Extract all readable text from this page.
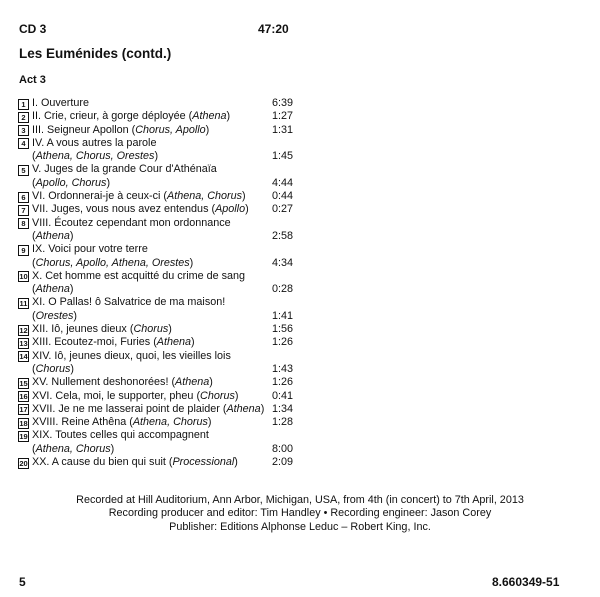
CD 3	47:20
Les Euménides (contd.)
Act 3
1 I. Ouverture	6:39
2 II. Crie, crieur, à gorge déployée (Athena)	1:27
3 III. Seigneur Apollon (Chorus, Apollo)	1:31
4 IV. A vous autres la parole
(Athena, Chorus, Orestes)	1:45
5 V. Juges de la grande Cour d'Athénaïa
(Apollo, Chorus)	4:44
6 VI. Ordonnerai-je à ceux-ci (Athena, Chorus) 0:44
7 VII. Juges, vous nous avez entendus (Apollo) 0:27
8 VIII. Écoutez cependant mon ordonnance
(Athena)	2:58
9 IX. Voici pour votre terre
(Chorus, Apollo, Athena, Orestes)	4:34
10 X. Cet homme est acquitté du crime de sang
(Athena)	0:28
11 XI. O Pallas! ô Salvatrice de ma maison!
(Orestes)	1:41
12 XII. Iô, jeunes dieux (Chorus)	1:56
13 XIII. Ecoutez-moi, Furies (Athena)	1:26
14 XIV. Iô, jeunes dieux, quoi, les vieilles lois
(Chorus)	1:43
15 XV. Nullement deshonorées! (Athena)	1:26
16 XVI. Cela, moi, le supporter, pheu (Chorus)	0:41
17 XVII. Je ne me lasserai point de plaider (Athena) 1:34
18 XVIII. Reine Athêna (Athena, Chorus)	1:28
19 XIX. Toutes celles qui accompagnent
(Athena, Chorus)	8:00
20 XX. A cause du bien qui suit (Processional)	2:09
Recorded at Hill Auditorium, Ann Arbor, Michigan, USA, from 4th (in concert) to 7th April, 2013
Recording producer and editor: Tim Handley • Recording engineer: Jason Corey
Publisher: Editions Alphonse Leduc – Robert King, Inc.
5	8.660349-51
